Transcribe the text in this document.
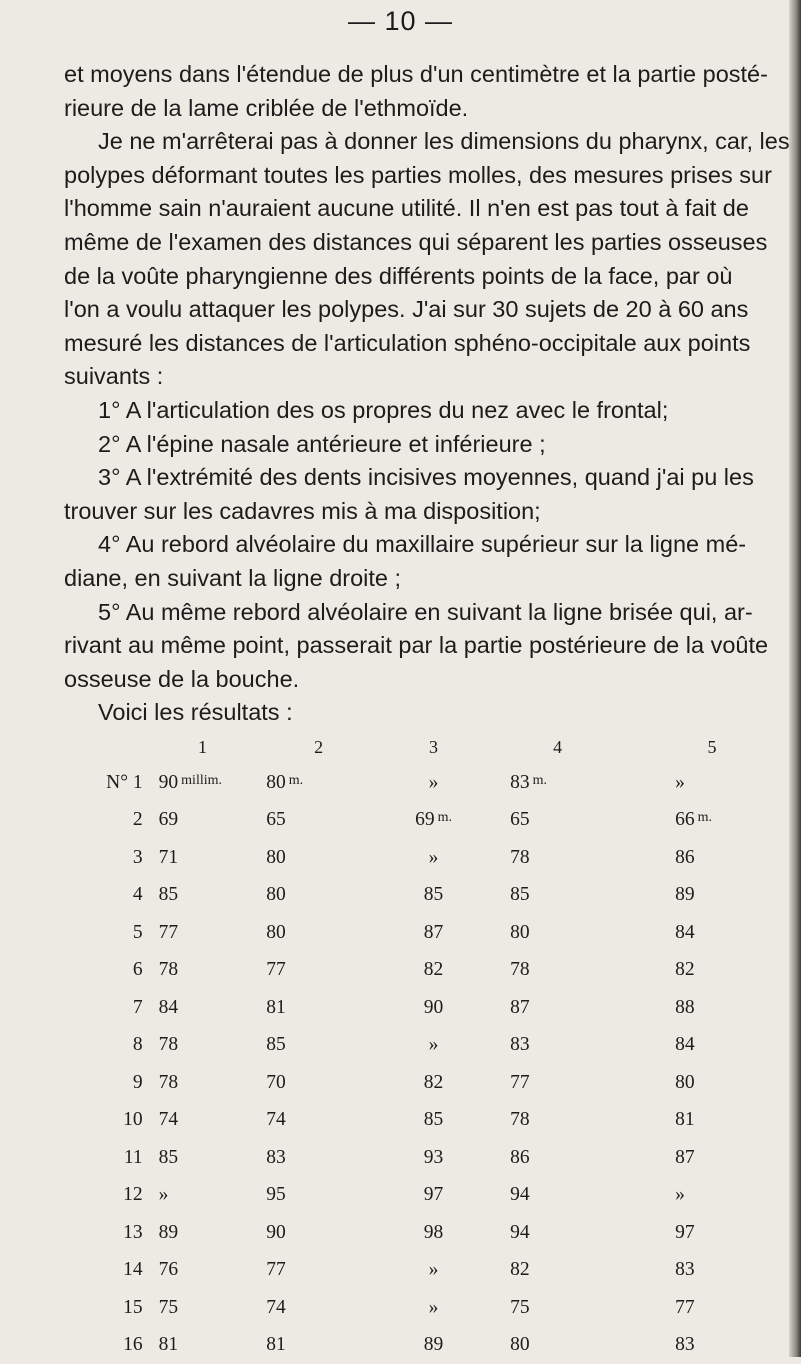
— 10 —
et moyens dans l'étendue de plus d'un centimètre et la partie posté-
rieure de la lame criblée de l'ethmoïde.
Je ne m'arrêterai pas à donner les dimensions du pharynx, car, les
polypes déformant toutes les parties molles, des mesures prises sur
l'homme sain n'auraient aucune utilité. Il n'en est pas tout à fait de
même de l'examen des distances qui séparent les parties osseuses
de la voûte pharyngienne des différents points de la face, par où
l'on a voulu attaquer les polypes. J'ai sur 30 sujets de 20 à 60 ans
mesuré les distances de l'articulation sphéno-occipitale aux points
suivants :
1° A l'articulation des os propres du nez avec le frontal;
2° A l'épine nasale antérieure et inférieure ;
3° A l'extrémité des dents incisives moyennes, quand j'ai pu les
trouver sur les cadavres mis à ma disposition;
4° Au rebord alvéolaire du maxillaire supérieur sur la ligne mé-
diane, en suivant la ligne droite ;
5° Au même rebord alvéolaire en suivant la ligne brisée qui, ar-
rivant au même point, passerait par la partie postérieure de la voûte
osseuse de la bouche.
Voici les résultats :
	1	2	3	4	5
N° 1	90 $^{millim.}$	80 $^{m.}$	»	83 $^{m.}$	»
2	69	65	69 $^{m.}$	65	66 $^{m.}$
3	71	80	»	78	86
4	85	80	85	85	89
5	77	80	87	80	84
6	78	77	82	78	82
7	84	81	90	87	88
8	78	85	»	83	84
9	78	70	82	77	80
10	74	74	85	78	81
11	85	83	93	86	87
12	»	95	97	94	»
13	89	90	98	94	97
14	76	77	»	82	83
15	75	74	»	75	77
16	81	81	89	80	83
